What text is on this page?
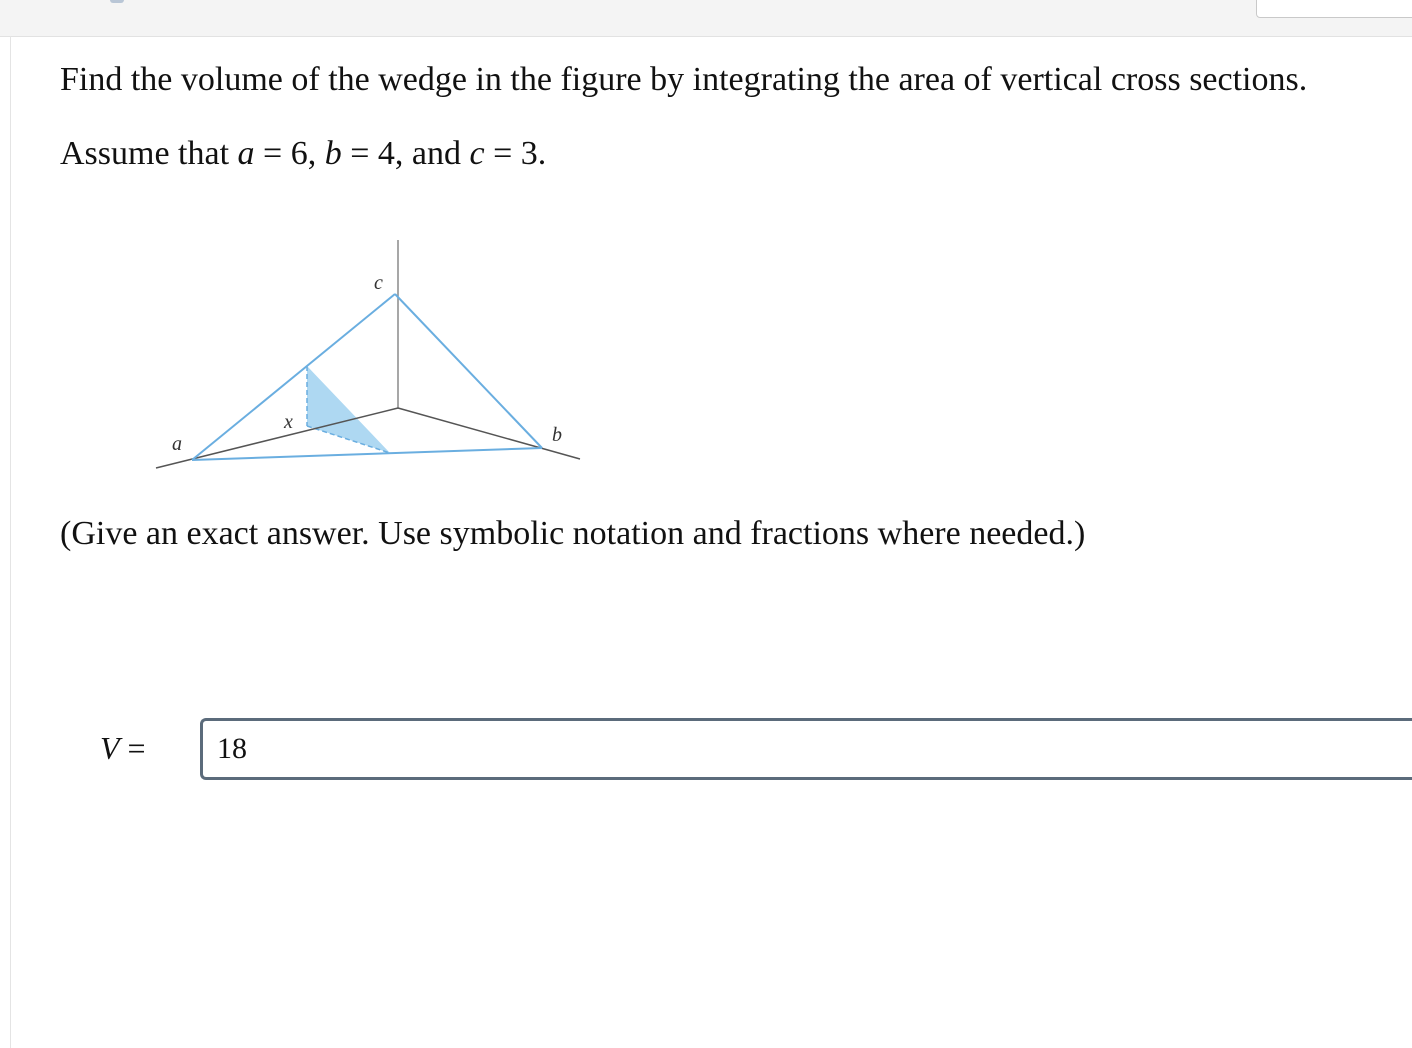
Find the volume of the wedge in the figure by integrating the area of vertical cross sections.
Assume that a = 6, b = 4, and c = 3.
c
x
a	b
(Give an exact answer. Use symbolic notation and fractions where needed.)
V =
18
